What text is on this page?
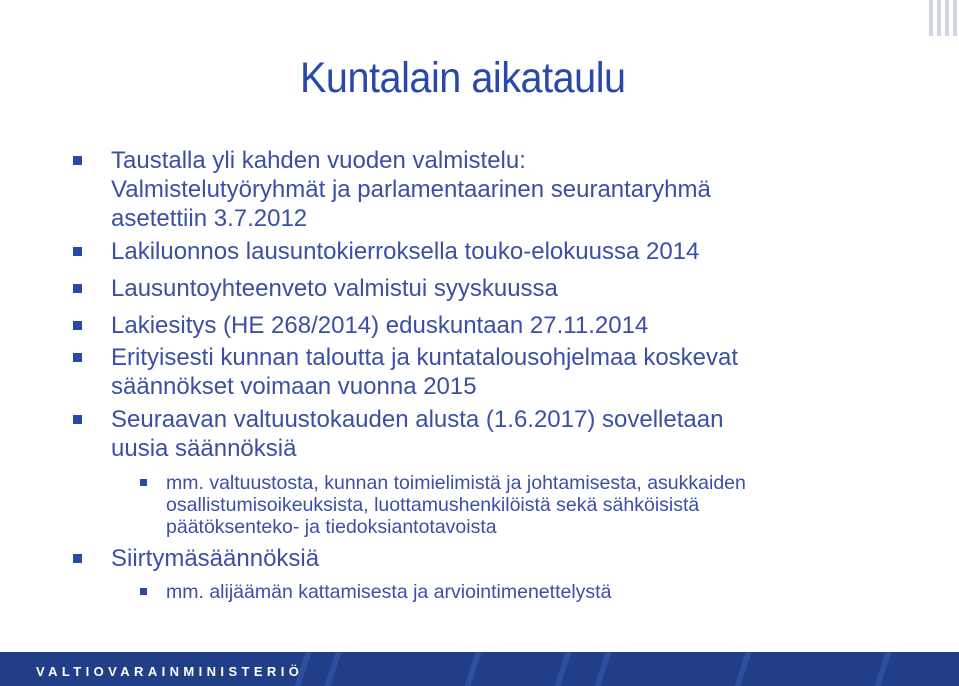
Kuntalain aikataulu
Taustalla yli kahden vuoden valmistelu:
Valmistelutyöryhmät ja parlamentaarinen seurantaryhmä
asetettiin 3.7.2012
Lakiluonnos lausuntokierroksella touko-elokuussa 2014
Lausuntoyhteenveto valmistui syyskuussa
Lakiesitys (HE 268/2014) eduskuntaan 27.11.2014
Erityisesti kunnan taloutta ja kuntatalousohjelmaa koskevat
säännökset voimaan vuonna 2015
Seuraavan valtuustokauden alusta (1.6.2017) sovelletaan
uusia säännöksiä
mm. valtuustosta, kunnan toimielimistä ja johtamisesta, asukkaiden
osallistumisoikeuksista, luottamushenkilöistä sekä sähköisistä
päätöksenteko- ja tiedoksiantotavoista
Siirtymäsäännöksiä
mm. alijäämän kattamisesta ja arviointimenettelystä

VALTIOVARAINMINISTERIÖ
